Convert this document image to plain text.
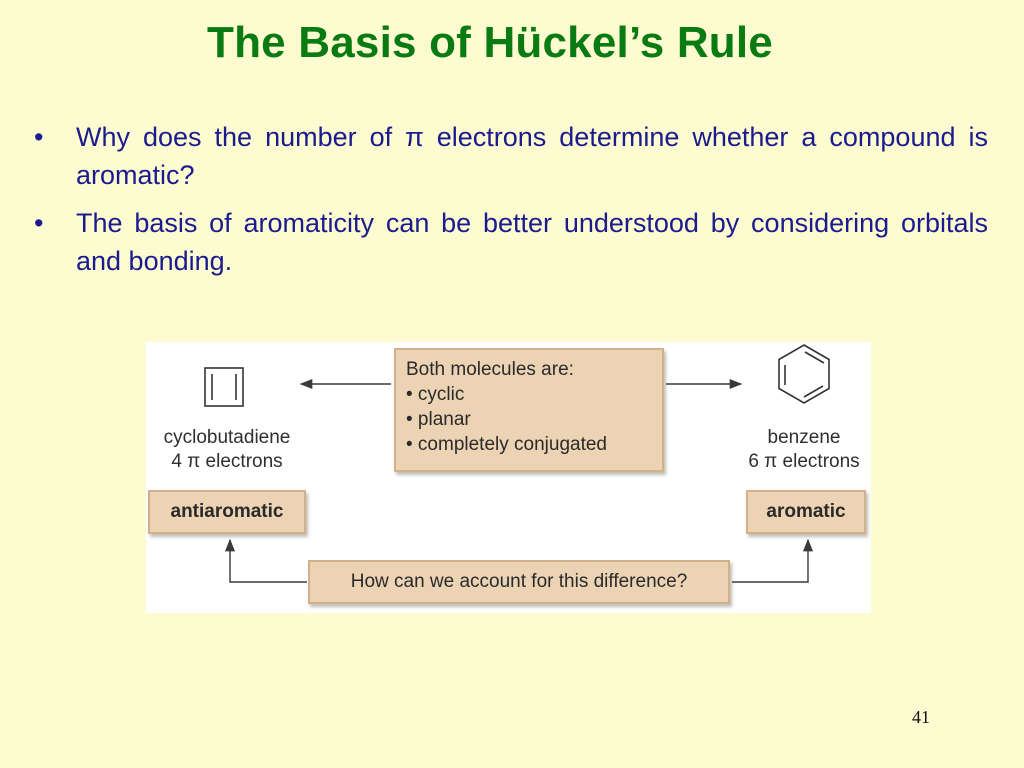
The Basis of Hückel’s Rule
• Why does the number of π electrons determine whether a compound is aromatic?
• The basis of aromaticity can be better understood by considering orbitals and bonding.
cyclobutadiene
4 π electrons
benzene
6 π electrons
Both molecules are:
• cyclic
• planar
• completely conjugated
antiaromatic	aromatic
How can we account for this difference?
41
